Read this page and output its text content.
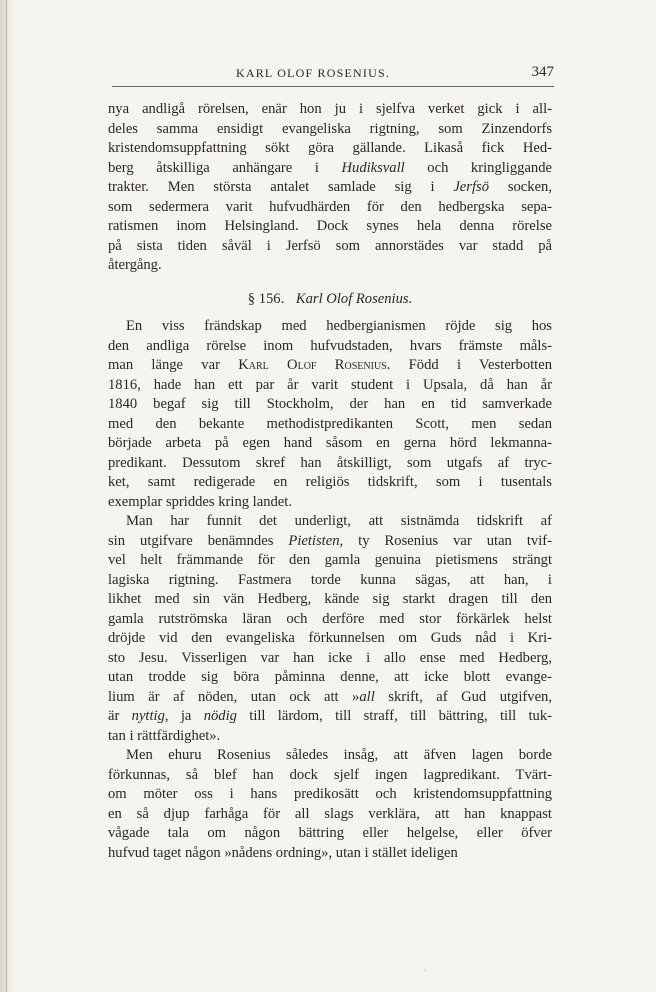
KARL OLOF ROSENIUS.	347
nya andligå rörelsen, enär hon ju i sjelfva verket gick i all-
deles samma ensidigt evangeliska rigtning, som Zinzendorfs
kristendomsuppfattning sökt göra gällande. Likaså fick Hed-
berg åtskilliga anhängare i Hudiksvall och kringliggande
trakter. Men största antalet samlade sig i Jerfsö socken,
som sedermera varit hufvudhärden för den hedbergska sepa-
ratismen inom Helsingland. Dock synes hela denna rörelse
på sista tiden såväl i Jerfsö som annorstädes var stadd på
återgång.
§ 156. Karl Olof Rosenius.
En viss frändskap med hedbergianismen röjde sig hos
den andliga rörelse inom hufvudstaden, hvars främste måls-
man länge var Karl Olof Rosenius. Född i Vesterbotten
1816, hade han ett par år varit student i Upsala, då han år
1840 begaf sig till Stockholm, der han en tid samverkade
med den bekante methodistpredikanten Scott, men sedan
började arbeta på egen hand såsom en gerna hörd lekmanna-
predikant. Dessutom skref han åtskilligt, som utgafs af tryc-
ket, samt redigerade en religiös tidskrift, som i tusentals
exemplar spriddes kring landet.
Man har funnit det underligt, att sistnämda tidskrift af
sin utgifvare benämndes Pietisten, ty Rosenius var utan tvif-
vel helt främmande för den gamla genuina pietismens strängt
lagiska rigtning. Fastmera torde kunna sägas, att han, i
likhet med sin vän Hedberg, kände sig starkt dragen till den
gamla rutströmska läran och derföre med stor förkärlek helst
dröjde vid den evangeliska förkunnelsen om Guds nåd i Kri-
sto Jesu. Visserligen var han icke i allo ense med Hedberg,
utan trodde sig böra påminna denne, att icke blott evange-
lium är af nöden, utan ock att »all skrift, af Gud utgifven,
är nyttig, ja nödig till lärdom, till straff, till bättring, till tuk-
tan i rättfärdighet».
Men ehuru Rosenius således insåg, att äfven lagen borde
förkunnas, så blef han dock sjelf ingen lagpredikant. Tvärt-
om möter oss i hans predikosätt och kristendomsuppfattning
en så djup farhåga för all slags verklära, att han knappast
vågade tala om någon bättring eller helgelse, eller öfver
hufvud taget någon »nådens ordning», utan i stället ideligen
◦
